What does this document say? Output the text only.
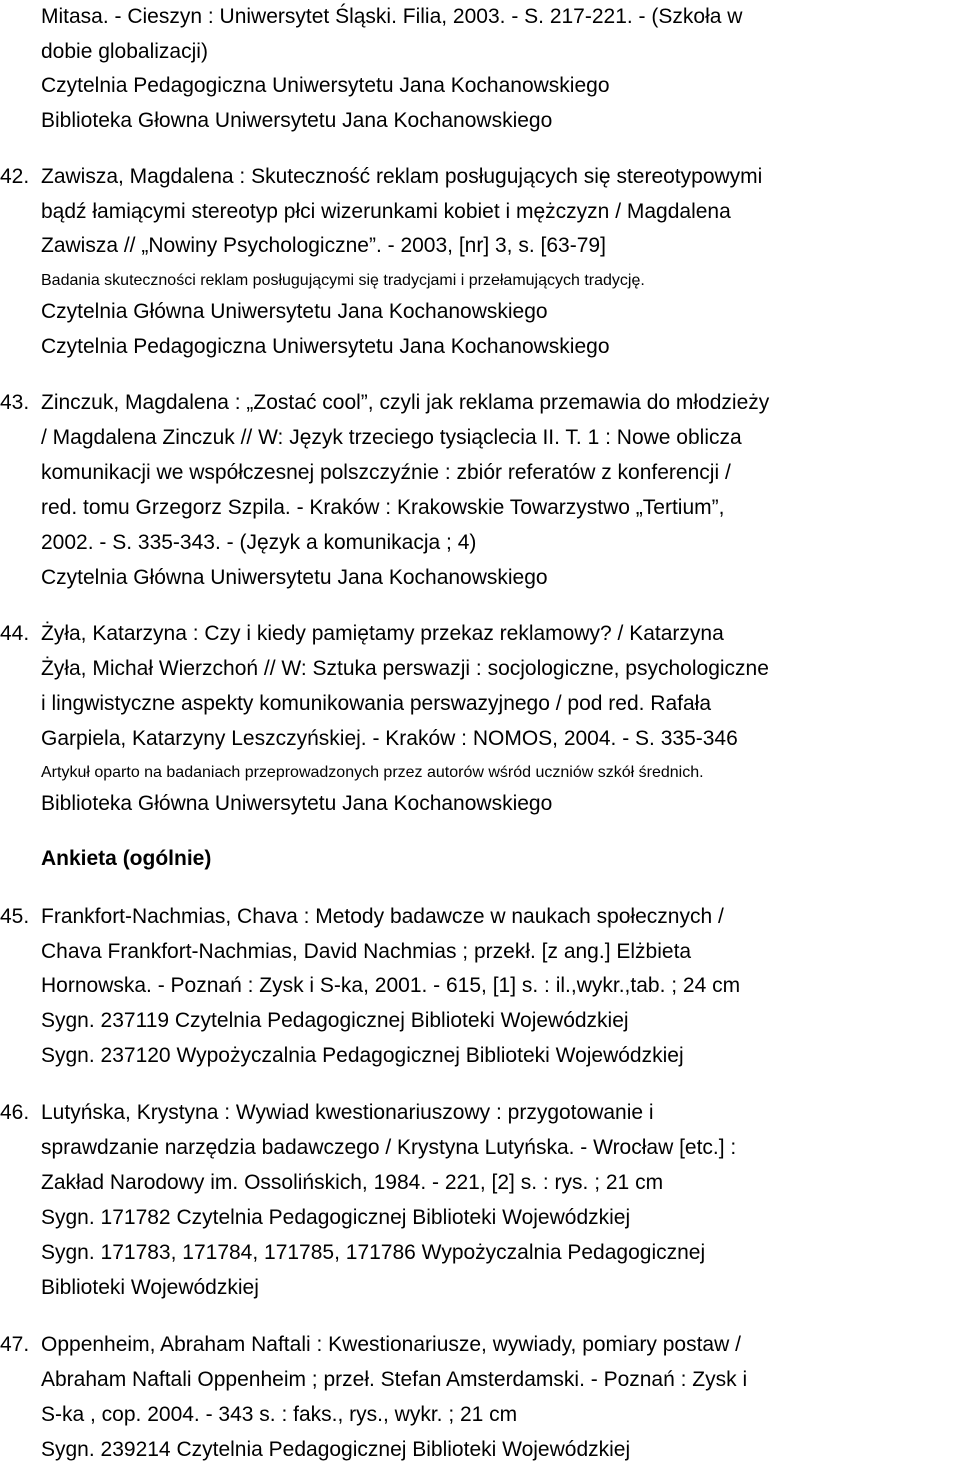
Mitasa. - Cieszyn : Uniwersytet Śląski. Filia, 2003. - S. 217-221. - (Szkoła w
dobie globalizacji)
Czytelnia Pedagogiczna Uniwersytetu Jana Kochanowskiego
Biblioteka Głowna Uniwersytetu Jana Kochanowskiego
42. Zawisza, Magdalena : Skuteczność reklam posługujących się stereotypowymi
bądź łamiącymi stereotyp płci wizerunkami kobiet i mężczyzn / Magdalena
Zawisza // „Nowiny Psychologiczne”. - 2003, [nr] 3, s. [63-79]
Badania skuteczności reklam posługującymi się tradycjami i przełamujących tradycję.
Czytelnia Główna Uniwersytetu Jana Kochanowskiego
Czytelnia Pedagogiczna Uniwersytetu Jana Kochanowskiego
43. Zinczuk, Magdalena : „Zostać cool”, czyli jak reklama przemawia do młodzieży
/ Magdalena Zinczuk // W: Język trzeciego tysiąclecia II. T. 1 : Nowe oblicza
komunikacji we współczesnej polszczyźnie : zbiór referatów z konferencji /
red. tomu Grzegorz Szpila. - Kraków : Krakowskie Towarzystwo „Tertium”,
2002. - S. 335-343. - (Język a komunikacja ; 4)
Czytelnia Główna Uniwersytetu Jana Kochanowskiego
44. Żyła, Katarzyna : Czy i kiedy pamiętamy przekaz reklamowy? / Katarzyna
Żyła, Michał Wierzchoń // W: Sztuka perswazji : socjologiczne, psychologiczne
i lingwistyczne aspekty komunikowania perswazyjnego / pod red. Rafała
Garpiela, Katarzyny Leszczyńskiej. - Kraków : NOMOS, 2004. - S. 335-346
Artykuł oparto na badaniach przeprowadzonych przez autorów wśród uczniów szkół średnich.
Biblioteka Główna Uniwersytetu Jana Kochanowskiego
Ankieta (ogólnie)
45. Frankfort-Nachmias, Chava : Metody badawcze w naukach społecznych /
Chava Frankfort-Nachmias, David Nachmias ; przekł. [z ang.] Elżbieta
Hornowska. - Poznań : Zysk i S-ka, 2001. - 615, [1] s. : il.,wykr.,tab. ; 24 cm
Sygn. 237119 Czytelnia Pedagogicznej Biblioteki Wojewódzkiej
Sygn. 237120 Wypożyczalnia Pedagogicznej Biblioteki Wojewódzkiej
46. Lutyńska, Krystyna : Wywiad kwestionariuszowy : przygotowanie i
sprawdzanie narzędzia badawczego / Krystyna Lutyńska. - Wrocław [etc.] :
Zakład Narodowy im. Ossolińskich, 1984. - 221, [2] s. : rys. ; 21 cm
Sygn. 171782 Czytelnia Pedagogicznej Biblioteki Wojewódzkiej
Sygn. 171783, 171784, 171785, 171786 Wypożyczalnia Pedagogicznej
Biblioteki Wojewódzkiej
47. Oppenheim, Abraham Naftali : Kwestionariusze, wywiady, pomiary postaw /
Abraham Naftali Oppenheim ; przeł. Stefan Amsterdamski. - Poznań : Zysk i
S-ka , cop. 2004. - 343 s. : faks., rys., wykr. ; 21 cm
Sygn. 239214 Czytelnia Pedagogicznej Biblioteki Wojewódzkiej
